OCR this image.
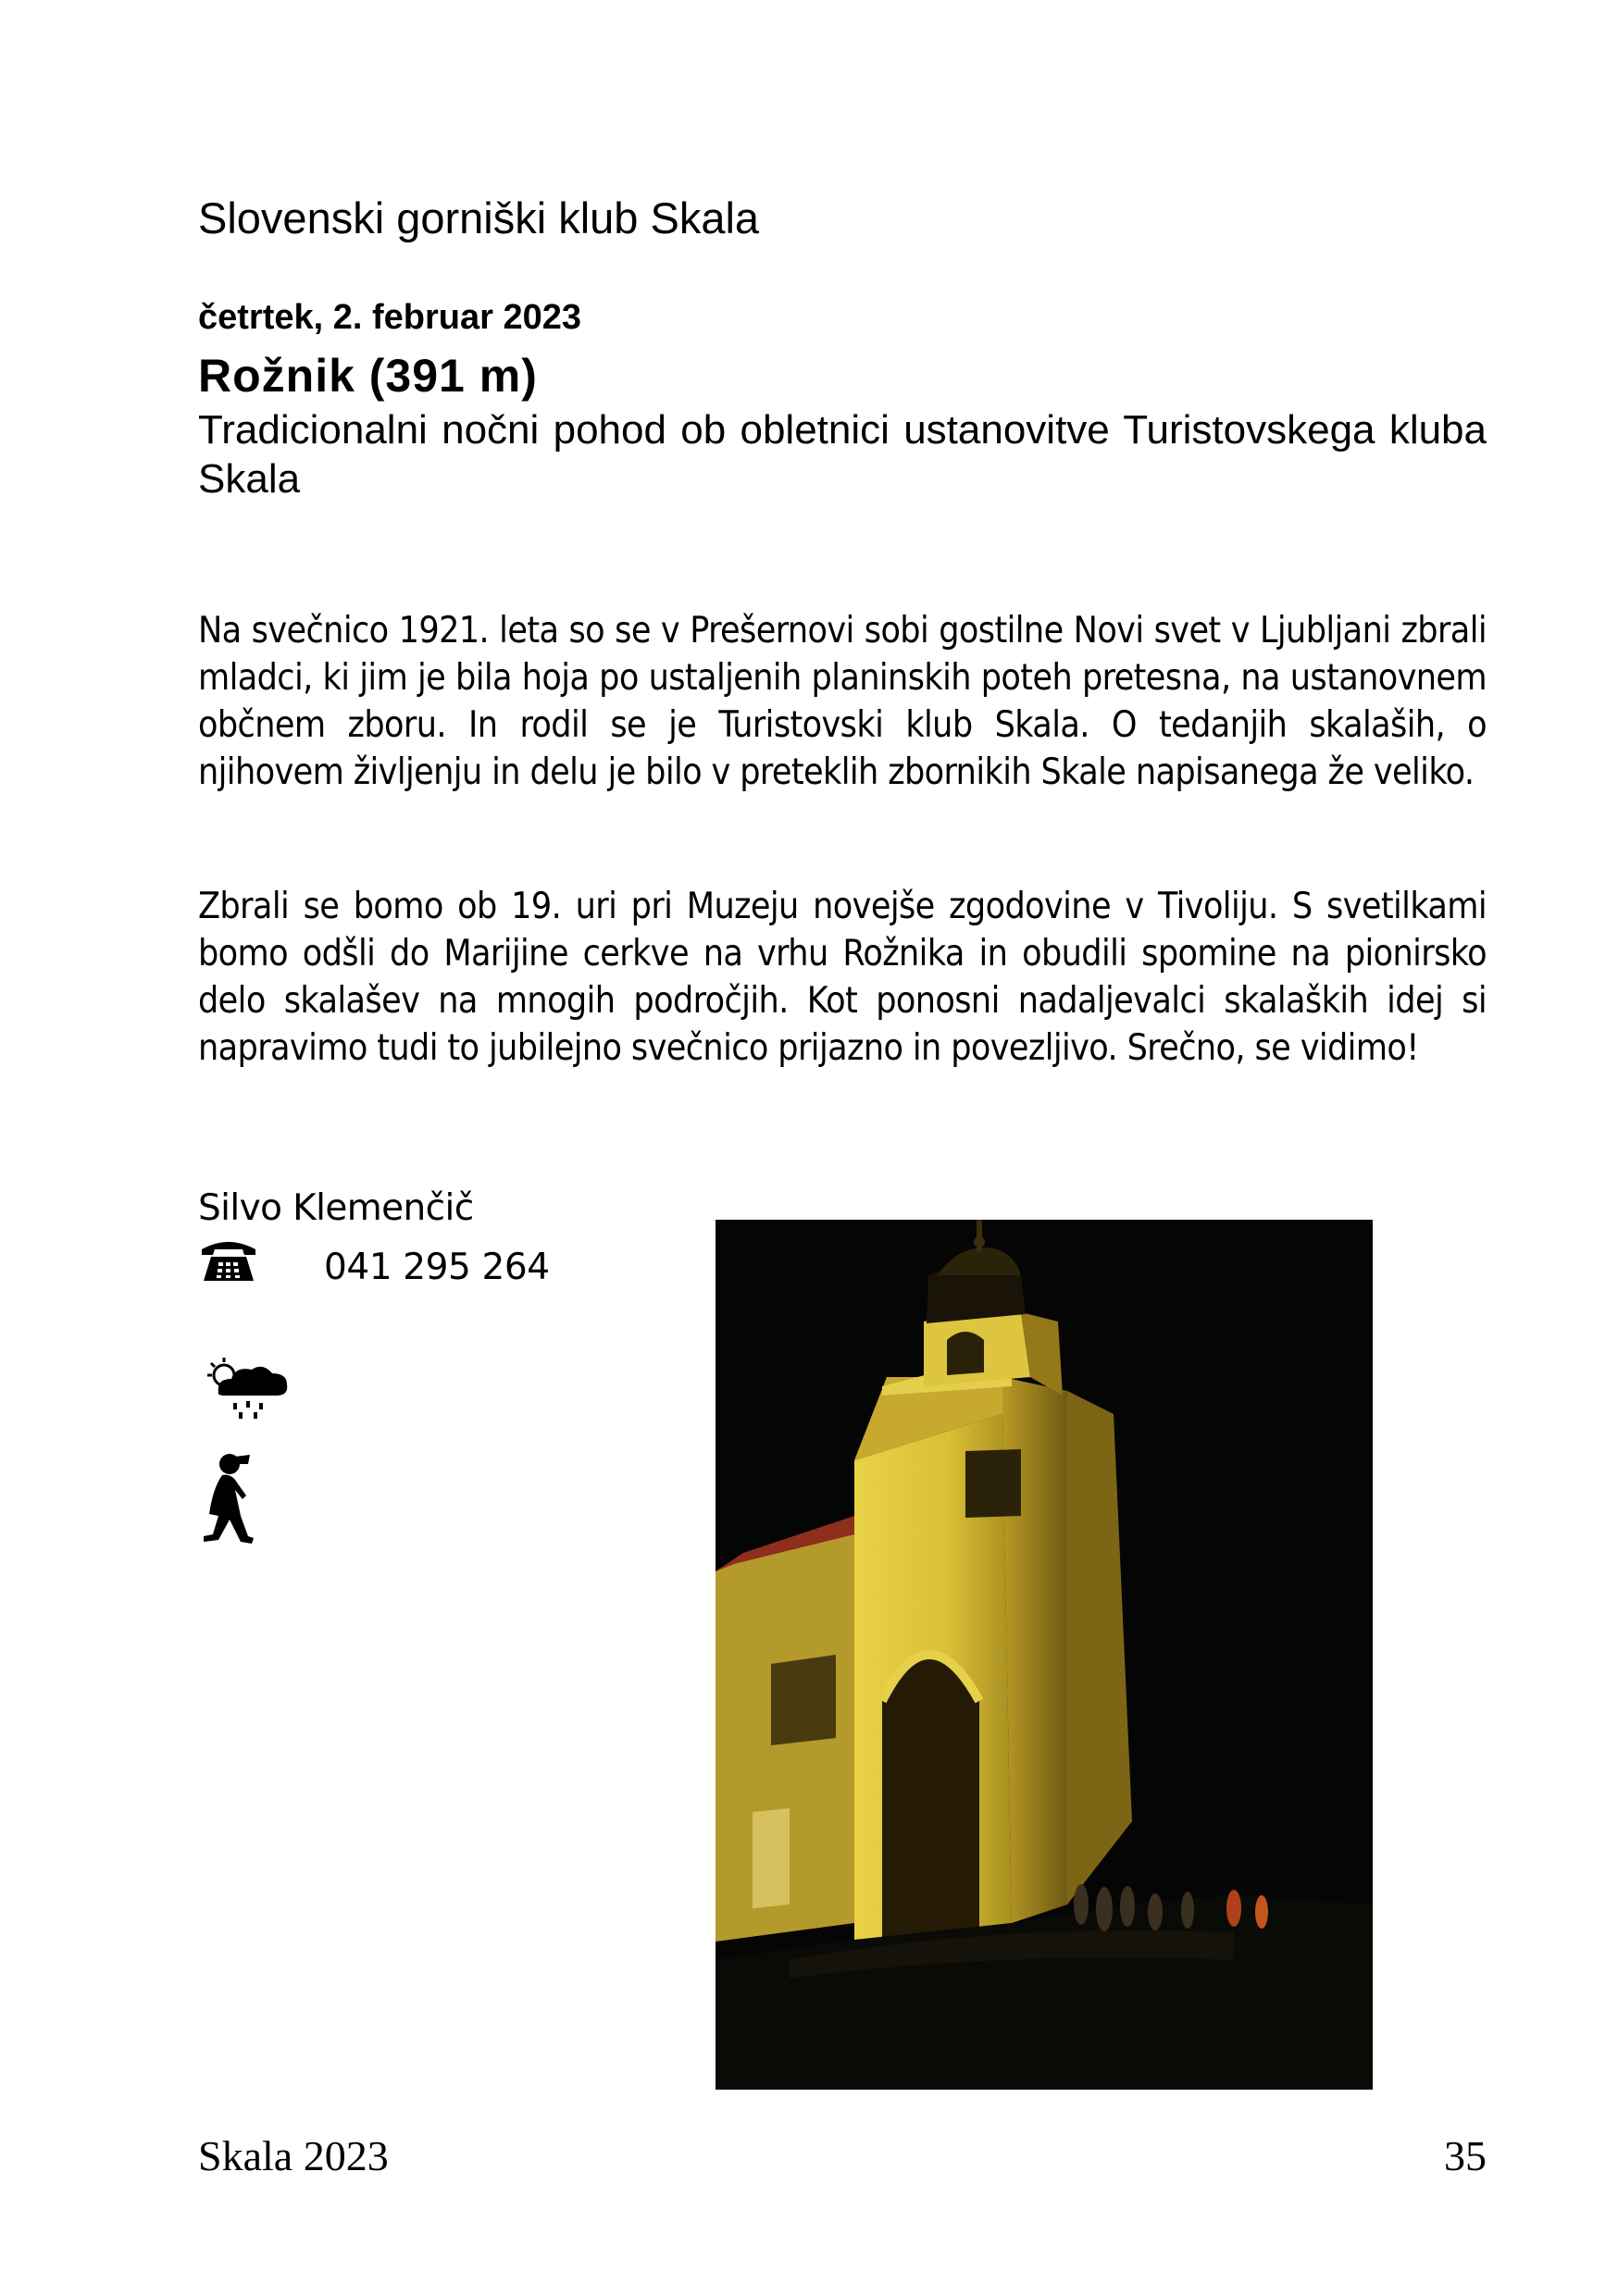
Slovenski gorniški klub Skala
četrtek, 2. februar 2023
Rožnik (391 m)
Tradicionalni nočni pohod ob obletnici ustanovitve Turistovskega kluba Skala
Na svečnico 1921. leta so se v Prešernovi sobi gostilne Novi svet v Ljubljani zbrali mladci, ki jim je bila hoja po ustaljenih planinskih poteh pretesna, na ustanovnem občnem zboru. In rodil se je Turistovski klub Skala. O tedanjih skalaših, o njihovem življenju in delu je bilo v preteklih zbornikih Skale napisanega že veliko.
Zbrali se bomo ob 19. uri pri Muzeju novejše zgodovine v Tivoliju. S svetilkami bomo odšli do Marijine cerkve na vrhu Rožnika in obudili spomine na pionirsko delo skalašev na mnogih področjih. Kot ponosni nadaljevalci skalaških idej si napravimo tudi to jubilejno svečnico prijazno in povezljivo. Srečno, se vidimo!
Silvo Klemenčič
041 295 264
Skala 2023	35
